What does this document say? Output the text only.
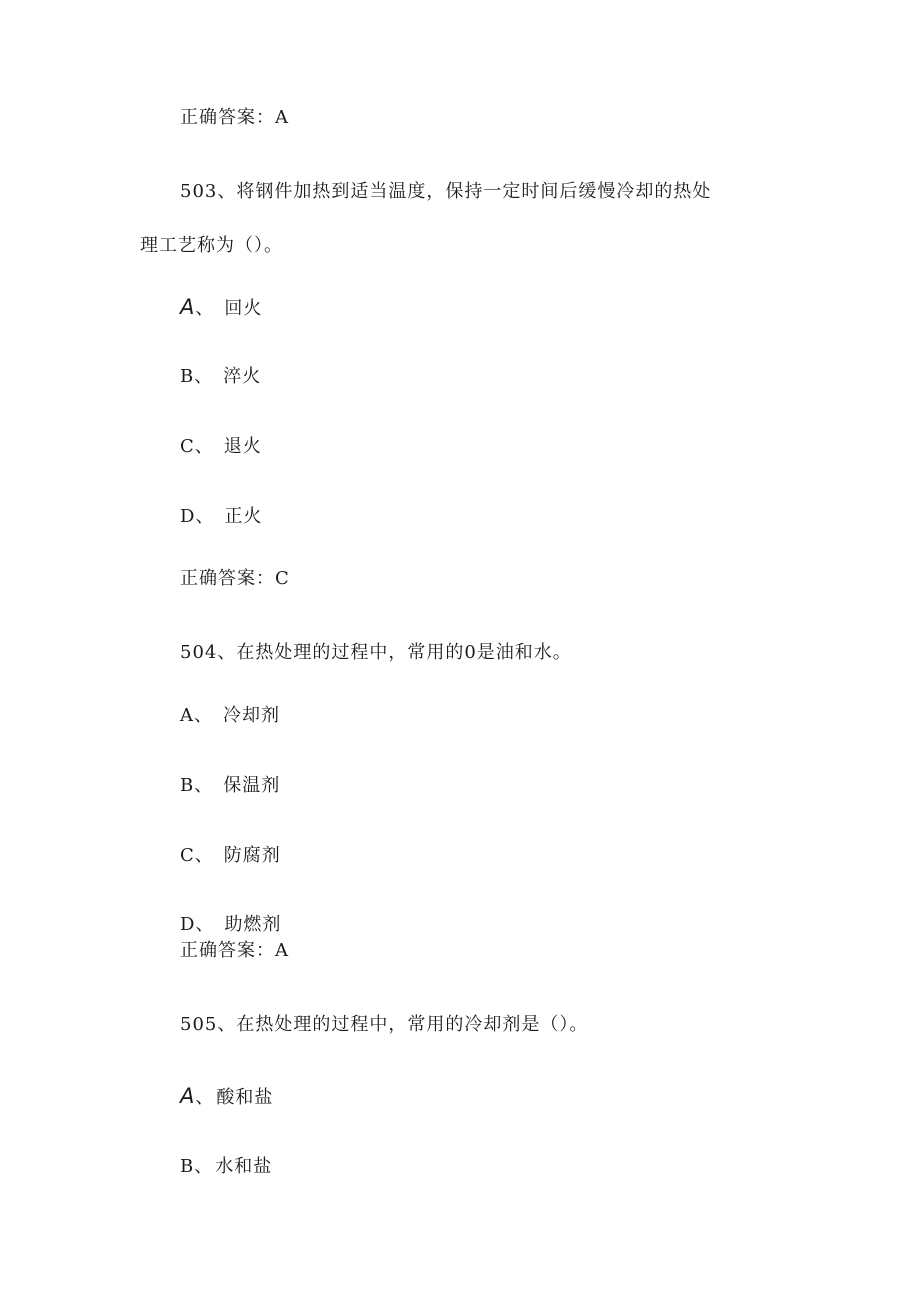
正确答案：A
503、将钢件加热到适当温度，保持一定时间后缓慢冷却的热处
理工艺称为（）。
A、 回火
B、 淬火
C、 退火
D、 正火
正确答案：C
504、在热处理的过程中，常用的0是油和水。
A、 冷却剂
B、 保温剂
C、 防腐剂
D、 助燃剂
正确答案：A
505、在热处理的过程中，常用的冷却剂是（）。
A、 酸和盐
B、 水和盐
